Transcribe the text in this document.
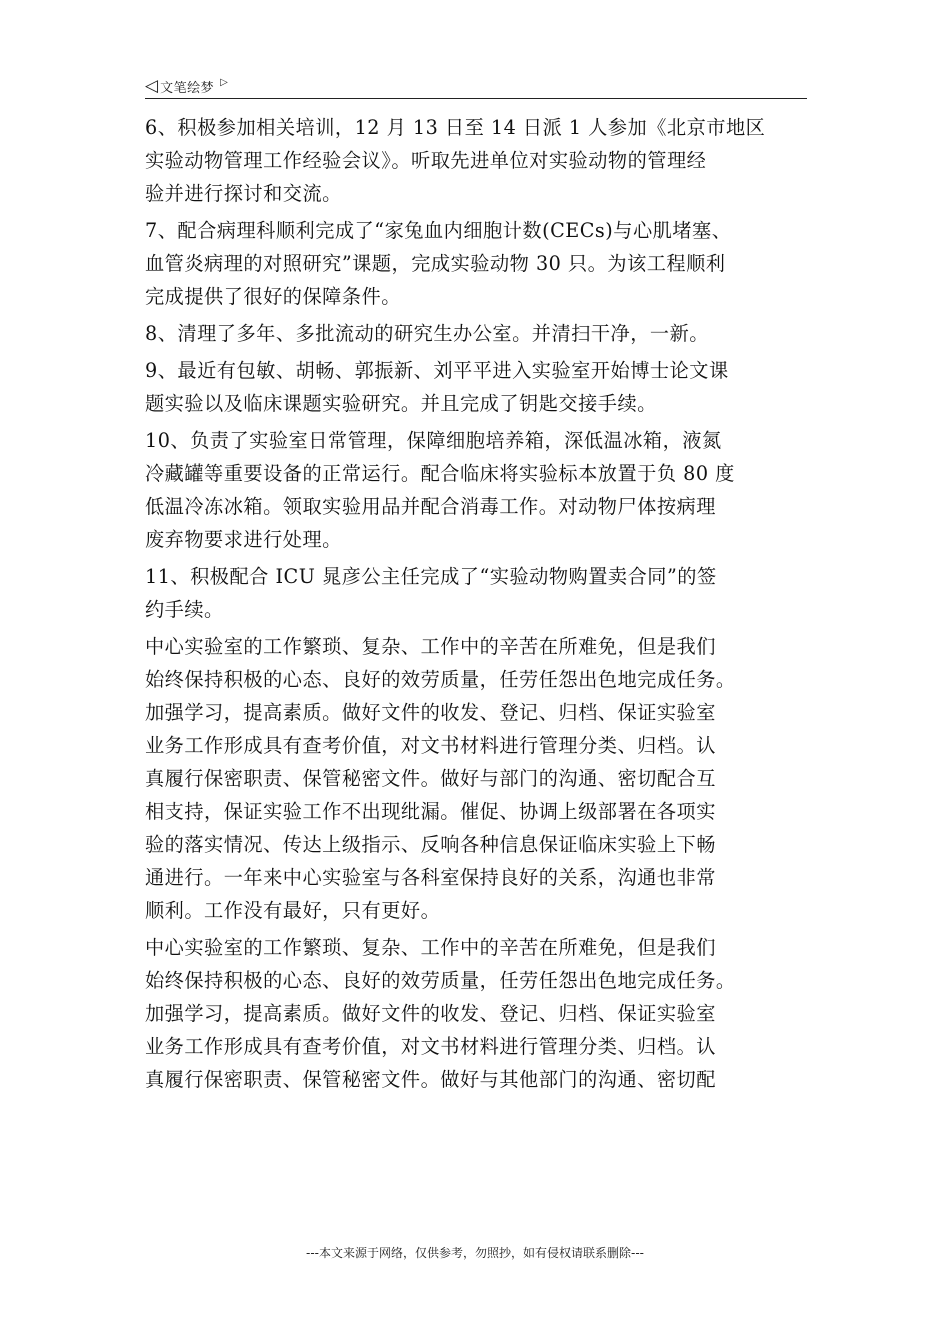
◁ 文笔绘梦 ▷

6、积极参加相关培训，12 月 13 日至 14 日派 1 人参加《北京市地区
实验动物管理工作经验会议》。听取先进单位对实验动物的管理经
验并进行探讨和交流。

7、配合病理科顺利完成了“家兔血内细胞计数(CECs)与心肌堵塞、
血管炎病理的对照研究”课题，完成实验动物 30 只。为该工程顺利
完成提供了很好的保障条件。

8、清理了多年、多批流动的研究生办公室。并清扫干净，一新。

9、最近有包敏、胡畅、郭振新、刘平平进入实验室开始博士论文课
题实验以及临床课题实验研究。并且完成了钥匙交接手续。

10、负责了实验室日常管理，保障细胞培养箱，深低温冰箱，液氮
冷藏罐等重要设备的正常运行。配合临床将实验标本放置于负 80 度
低温冷冻冰箱。领取实验用品并配合消毒工作。对动物尸体按病理
废弃物要求进行处理。

11、积极配合 ICU 晁彦公主任完成了“实验动物购置卖合同”的签
约手续。

中心实验室的工作繁琐、复杂、工作中的辛苦在所难免，但是我们
始终保持积极的心态、良好的效劳质量，任劳任怨出色地完成任务。
加强学习，提高素质。做好文件的收发、登记、归档、保证实验室
业务工作形成具有查考价值，对文书材料进行管理分类、归档。认
真履行保密职责、保管秘密文件。做好与部门的沟通、密切配合互
相支持，保证实验工作不出现纰漏。催促、协调上级部署在各项实
验的落实情况、传达上级指示、反响各种信息保证临床实验上下畅
通进行。一年来中心实验室与各科室保持良好的关系，沟通也非常
顺利。工作没有最好，只有更好。

中心实验室的工作繁琐、复杂、工作中的辛苦在所难免，但是我们
始终保持积极的心态、良好的效劳质量，任劳任怨出色地完成任务。
加强学习，提高素质。做好文件的收发、登记、归档、保证实验室
业务工作形成具有查考价值，对文书材料进行管理分类、归档。认
真履行保密职责、保管秘密文件。做好与其他部门的沟通、密切配

---本文来源于网络，仅供参考，勿照抄，如有侵权请联系删除---
